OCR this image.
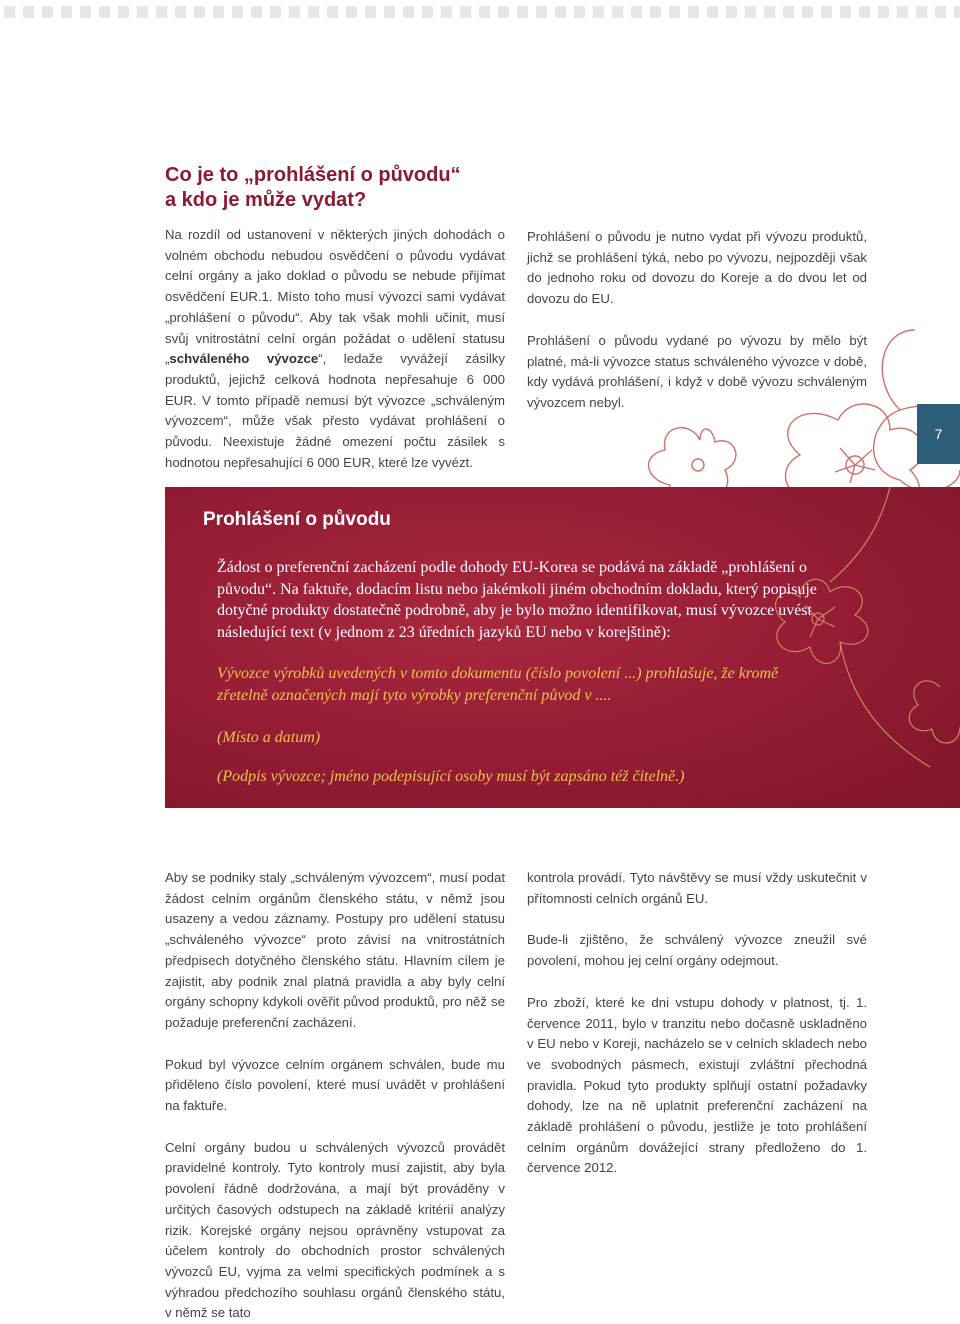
Co je to „prohlášení o původu“
a kdo je může vydat?

Na rozdíl od ustanovení v některých jiných dohodách o volném obchodu nebudou osvědčení o původu vydávat celní orgány a jako doklad o původu se nebude přijímat osvědčení EUR.1. Místo toho musí vývozci sami vydávat „prohlášení o původu“. Aby tak však mohli učinit, musí svůj vnitrostátní celní orgán požádat o udělení statusu „schváleného vývozce“, ledaže vyvážejí zásilky produktů, jejichž celková hodnota nepřesahuje 6 000 EUR. V tomto případě nemusí být vývozce „schváleným vývozcem“, může však přesto vydávat prohlášení o původu. Neexistuje žádné omezení počtu zásilek s hodnotou nepřesahující 6 000 EUR, které lze vyvézt.

Prohlášení o původu je nutno vydat při vývozu produktů, jichž se prohlášení týká, nebo po vývozu, nejpozději však do jednoho roku od dovozu do Koreje a do dvou let od dovozu do EU.

Prohlášení o původu vydané po vývozu by mělo být platné, má-li vývozce status schváleného vývozce v době, kdy vydává prohlášení, i když v době vývozu schváleným vývozcem nebyl.

7
Prohlášení o původu

Žádost o preferenční zacházení podle dohody EU-Korea se podává na základě „prohlášení o původu“. Na faktuře, dodacím listu nebo jakémkoli jiném obchodním dokladu, který popisuje dotyčné produkty dostatečně podrobně, aby je bylo možno identifikovat, musí vývozce uvést následující text (v jednom z 23 úředních jazyků EU nebo v korejštině):

Vývozce výrobků uvedených v tomto dokumentu (číslo povolení ...) prohlašuje, že kromě zřetelně označených mají tyto výrobky preferenční původ v ....

(Místo a datum)

(Podpis vývozce; jméno podepisující osoby musí být zapsáno též čitelně.)

Aby se podniky staly „schváleným vývozcem“, musí podat žádost celním orgánům členského státu, v němž jsou usazeny a vedou záznamy. Postupy pro udělení statusu „schváleného vývozce“ proto závisí na vnitrostátních předpisech dotyčného členského státu. Hlavním cílem je zajistit, aby podnik znal platná pravidla a aby byly celní orgány schopny kdykoli ověřit původ produktů, pro něž se požaduje preferenční zacházení.

Pokud byl vývozce celním orgánem schválen, bude mu přiděleno číslo povolení, které musí uvádět v prohlášení na faktuře.

Celní orgány budou u schválených vývozců provádět pravidelné kontroly. Tyto kontroly musí zajistit, aby byla povolení řádně dodržována, a mají být prováděny v určitých časových odstupech na základě kritérií analýzy rizik. Korejské orgány nejsou oprávněny vstupovat za účelem kontroly do obchodních prostor schválených vývozců EU, vyjma za velmi specifických podmínek a s výhradou předchozího souhlasu orgánů členského státu, v němž se tato

kontrola provádí. Tyto návštěvy se musí vždy uskutečnit v přítomnosti celních orgánů EU.

Bude-li zjištěno, že schválený vývozce zneužil své povolení, mohou jej celní orgány odejmout.

Pro zboží, které ke dni vstupu dohody v platnost, tj. 1. července 2011, bylo v tranzitu nebo dočasně uskladněno v EU nebo v Koreji, nacházelo se v celních skladech nebo ve svobodných pásmech, existují zvláštní přechodná pravidla. Pokud tyto produkty splňují ostatní požadavky dohody, lze na ně uplatnit preferenční zacházení na základě prohlášení o původu, jestliže je toto prohlášení celním orgánům dovážející strany předloženo do 1. července 2012.
